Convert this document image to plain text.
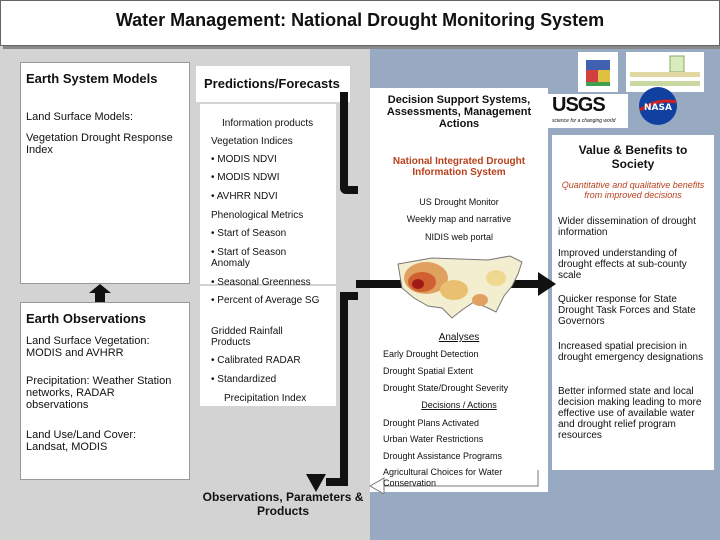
Water Management: National Drought Monitoring System
Earth System Models
Land Surface Models:
Vegetation Drought Response Index
Earth Observations
Land Surface Vegetation: MODIS and AVHRR
Precipitation: Weather Station networks, RADAR observations
Land Use/Land Cover: Landsat, MODIS
Predictions/Forecasts
Information products
Vegetation Indices
• MODIS NDVI
• MODIS NDWI
• AVHRR NDVI
Phenological Metrics
• Start of Season
• Start of Season Anomaly
• Seasonal Greenness
• Percent of Average SG
Gridded Rainfall Products
• Calibrated RADAR
• Standardized
Precipitation Index
Observations, Parameters & Products
Decision Support Systems, Assessments, Management Actions
National Integrated Drought Information System
US Drought Monitor
Weekly map and narrative
NIDIS web portal
Analyses
Early Drought Detection
Drought Spatial Extent
Drought State/Drought Severity
Decisions / Actions
Drought Plans Activated
Urban Water Restrictions
Drought Assistance Programs
Agricultural Choices for Water Conservation
Value & Benefits to Society
Quantitative and qualitative benefits from improved decisions
Wider dissemination of drought information
Improved understanding of drought effects at sub-county scale
Quicker response for State Drought Task Forces and State Governors
Increased spatial precision in drought emergency designations
Better informed state and local decision making leading to more effective use of available water and drought relief program resources
USGS
science for a changing world
NASA
